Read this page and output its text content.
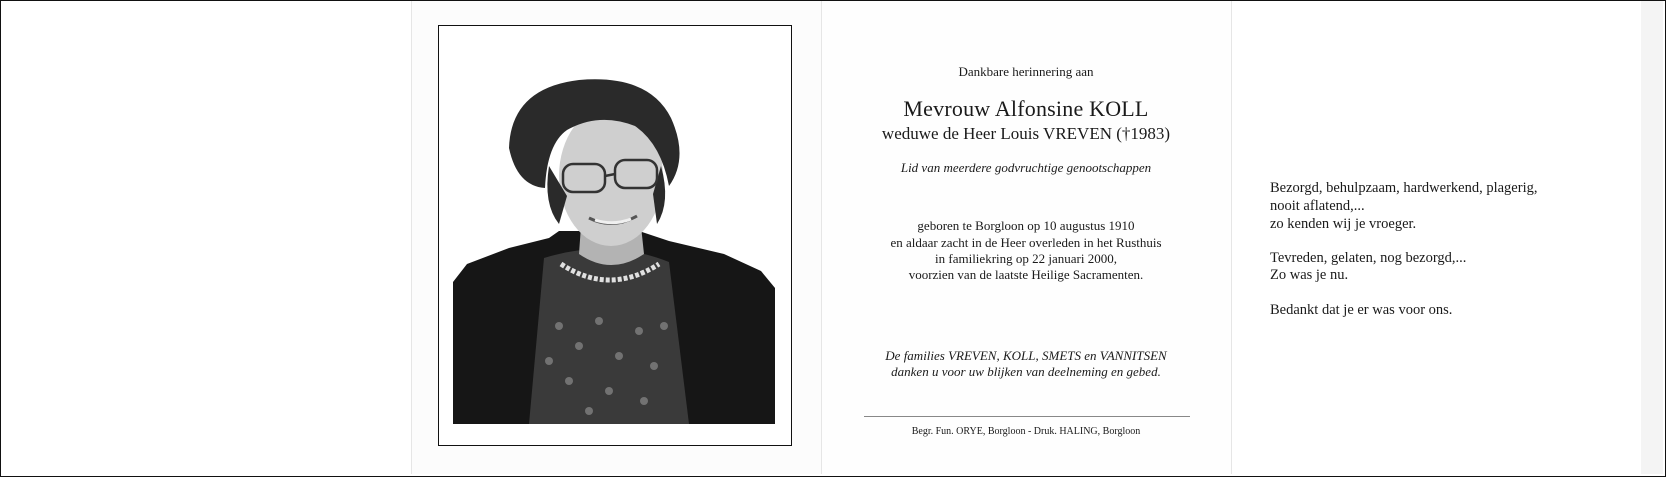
Dankbare herinnering aan
Mevrouw Alfonsine KOLL
weduwe de Heer Louis VREVEN (†1983)
Lid van meerdere godvruchtige genootschappen
geboren te Borgloon op 10 augustus 1910
en aldaar zacht in de Heer overleden in het Rusthuis
in familiekring op 22 januari 2000,
voorzien van de laatste Heilige Sacramenten.
De families VREVEN, KOLL, SMETS en VANNITSEN
danken u voor uw blijken van deelneming en gebed.
Begr. Fun. ORYE, Borgloon - Druk. HALING, Borgloon
Bezorgd, behulpzaam, hardwerkend, plagerig,
nooit aflatend,...
zo kenden wij je vroeger.
Tevreden, gelaten, nog bezorgd,...
Zo was je nu.
Bedankt dat je er was voor ons.
